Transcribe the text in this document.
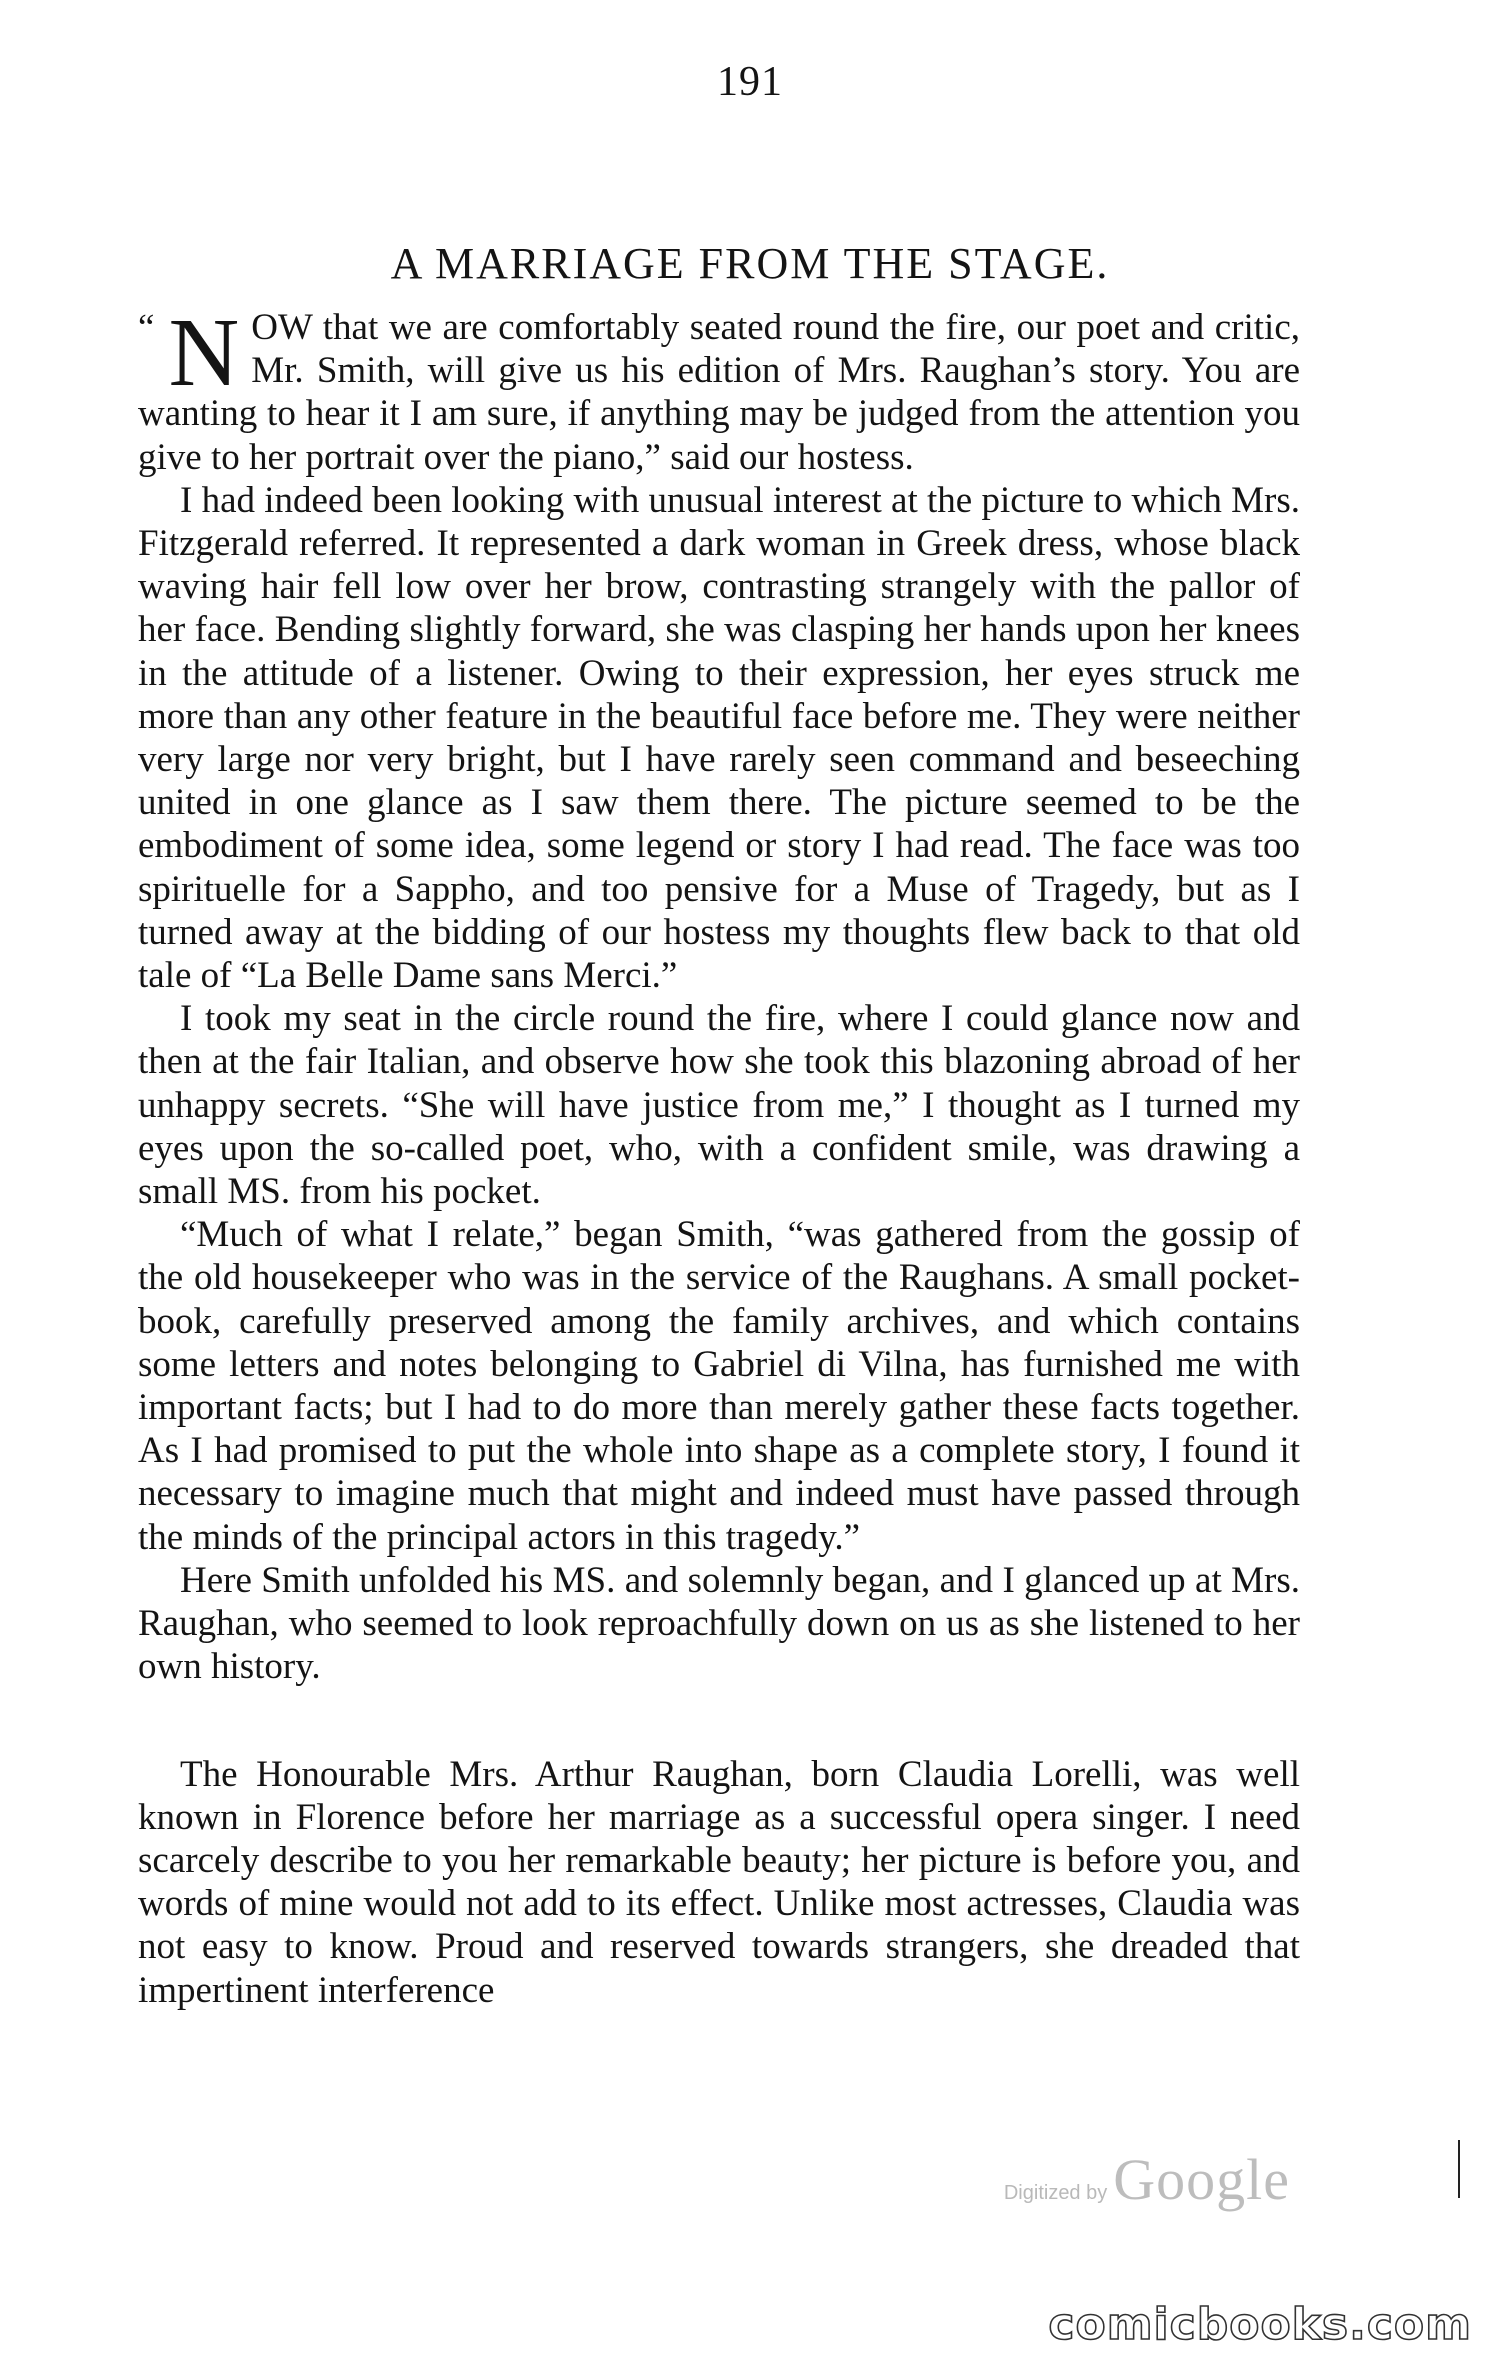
191
A MARRIAGE FROM THE STAGE.

“ N OW that we are comfortably seated round the fire, our poet and critic, Mr. Smith, will give us his edition of Mrs. Raughan’s story. You are wanting to hear it I am sure, if anything may be judged from the attention you give to her portrait over the piano,” said our hostess.

I had indeed been looking with unusual interest at the picture to which Mrs. Fitzgerald referred. It represented a dark woman in Greek dress, whose black waving hair fell low over her brow, contrasting strangely with the pallor of her face. Bending slightly forward, she was clasping her hands upon her knees in the attitude of a listener. Owing to their expression, her eyes struck me more than any other feature in the beautiful face before me. They were neither very large nor very bright, but I have rarely seen command and beseeching united in one glance as I saw them there. The picture seemed to be the embodiment of some idea, some legend or story I had read. The face was too spirituelle for a Sappho, and too pensive for a Muse of Tragedy, but as I turned away at the bidding of our hostess my thoughts flew back to that old tale of “La Belle Dame sans Merci.”

I took my seat in the circle round the fire, where I could glance now and then at the fair Italian, and observe how she took this blazoning abroad of her unhappy secrets. “She will have justice from me,” I thought as I turned my eyes upon the so-called poet, who, with a confident smile, was drawing a small MS. from his pocket.

“Much of what I relate,” began Smith, “was gathered from the gossip of the old housekeeper who was in the service of the Raughans. A small pocket-book, carefully preserved among the family archives, and which contains some letters and notes belonging to Gabriel di Vilna, has furnished me with important facts; but I had to do more than merely gather these facts together. As I had promised to put the whole into shape as a complete story, I found it necessary to imagine much that might and indeed must have passed through the minds of the principal actors in this tragedy.”

Here Smith unfolded his MS. and solemnly began, and I glanced up at Mrs. Raughan, who seemed to look reproachfully down on us as she listened to her own history.

The Honourable Mrs. Arthur Raughan, born Claudia Lorelli, was well known in Florence before her marriage as a successful opera singer. I need scarcely describe to you her remarkable beauty; her picture is before you, and words of mine would not add to its effect. Unlike most actresses, Claudia was not easy to know. Proud and reserved towards strangers, she dreaded that impertinent interference

Digitized by Google
comicbooks.com
